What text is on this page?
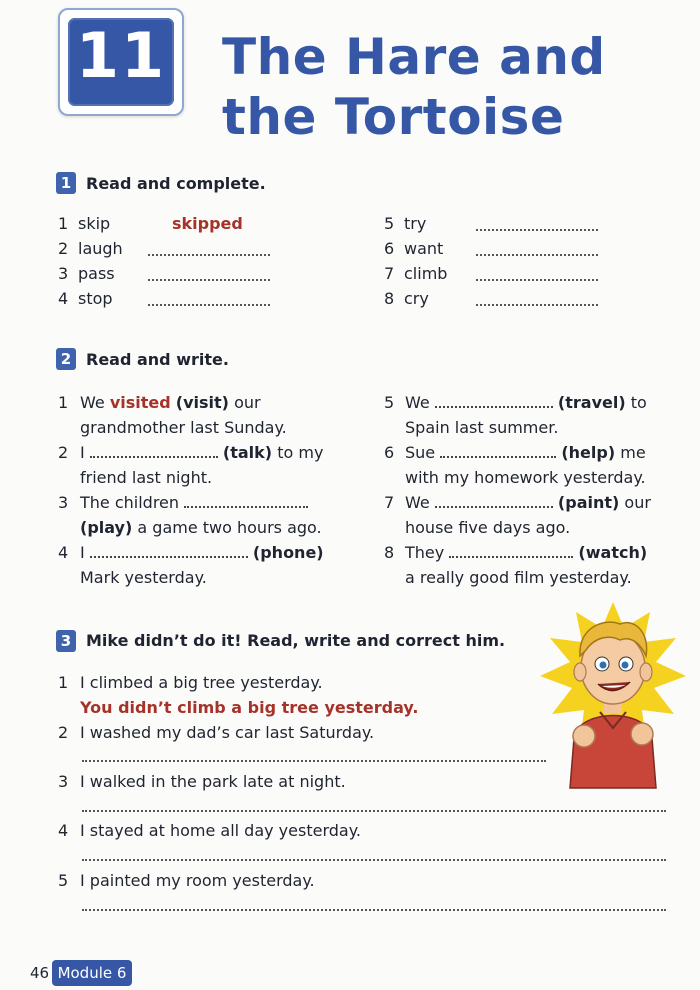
11 The Hare and
the Tortoise
1 Read and complete.
1 skip	skipped
2 laugh
3 pass
4 stop
5 try
6 want
7 climb
8 cry
2 Read and write.
1 We visited (visit) our
grandmother last Sunday.
2 I	(talk) to my
friend last night.
3 The children
(play) a game two hours ago.
4 I	(phone)
Mark yesterday.
5 We	(travel) to
Spain last summer.
6 Sue	(help) me
with my homework yesterday.
7 We	(paint) our
house five days ago.
8 They	(watch)
a really good film yesterday.
3 Mike didn’t do it! Read, write and correct him.
1 I climbed a big tree yesterday.
You didn’t climb a big tree yesterday.
2 I washed my dad’s car last Saturday.
3 I walked in the park late at night.
4 I stayed at home all day yesterday.
5 I painted my room yesterday.
46 Module 6
